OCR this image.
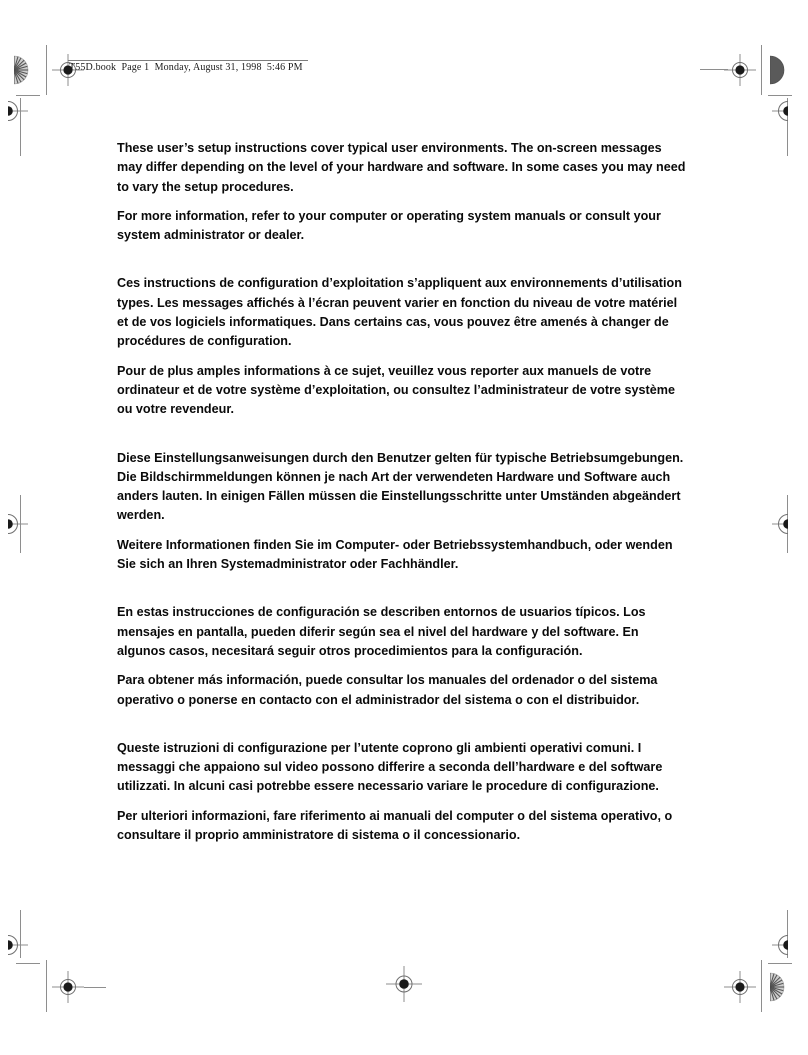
T55D.book  Page 1  Monday, August 31, 1998  5:46 PM

These user’s setup instructions cover typical user environments. The on-screen messages may differ depending on the level of your hardware and software. In some cases you may need to vary the setup procedures.

For more information, refer to your computer or operating system manuals or consult your system administrator or dealer.

Ces instructions de configuration d’exploitation s’appliquent aux environnements d’utilisation types. Les messages affichés à l’écran peuvent varier en fonction du niveau de votre matériel et de vos logiciels informatiques. Dans certains cas, vous pouvez être amenés à changer de procédures de configuration.

Pour de plus amples informations à ce sujet, veuillez vous reporter aux manuels de votre ordinateur et de votre système d’exploitation, ou consultez l’administrateur de votre système ou votre revendeur.

Diese Einstellungsanweisungen durch den Benutzer gelten für typische Betriebsumgebungen. Die Bildschirmmeldungen können je nach Art der verwendeten Hardware und Software auch anders lauten. In einigen Fällen müssen die Einstellungsschritte unter Umständen abgeändert werden.

Weitere Informationen finden Sie im Computer- oder Betriebssystemhandbuch, oder wenden Sie sich an Ihren Systemadministrator oder Fachhändler.

En estas instrucciones de configuración se describen entornos de usuarios típicos. Los mensajes en pantalla, pueden diferir según sea el nivel del hardware y del software. En algunos casos, necesitará seguir otros procedimientos para la configuración.

Para obtener más información, puede consultar los manuales del ordenador o del sistema operativo o ponerse en contacto con el administrador del sistema o con el distribuidor.

Queste istruzioni di configurazione per l’utente coprono gli ambienti operativi comuni. I messaggi che appaiono sul video possono differire a seconda dell’hardware e del software utilizzati. In alcuni casi potrebbe essere necessario variare le procedure di configurazione.

Per ulteriori informazioni, fare riferimento ai manuali del computer o del sistema operativo, o consultare il proprio amministratore di sistema o il concessionario.
